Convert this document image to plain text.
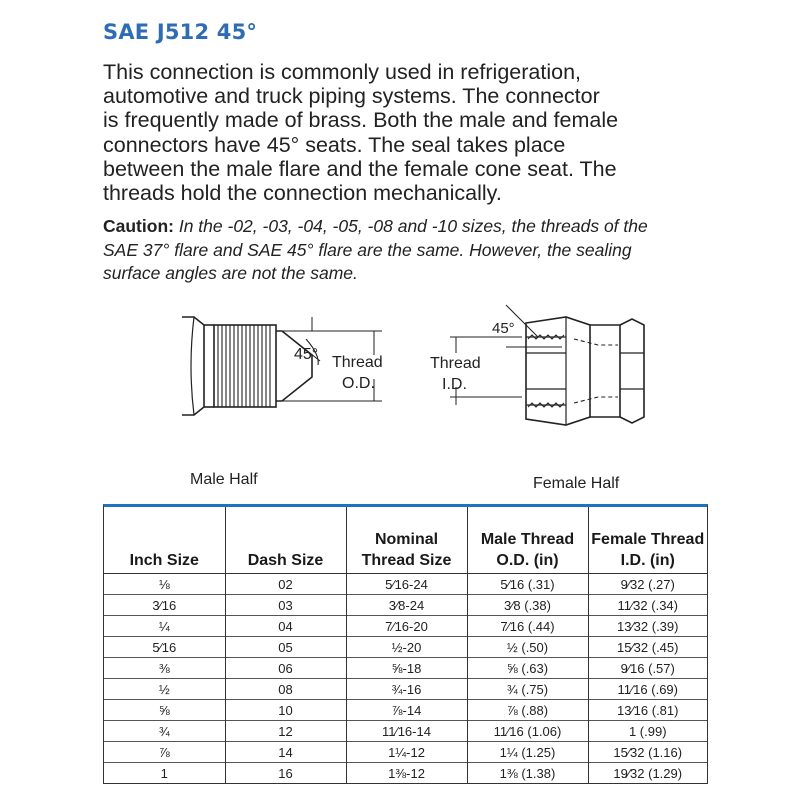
SAE J512 45°
This connection is commonly used in refrigeration,
automotive and truck piping systems. The connector
is frequently made of brass. Both the male and female
connectors have 45° seats. The seal takes place
between the male flare and the female cone seat. The
threads hold the connection mechanically.
Caution: In the -02, -03, -04, -05, -08 and -10 sizes, the threads of the
SAE 37° flare and SAE 45° flare are the same. However, the sealing
surface angles are not the same.
45° Thread
O.D.
45°
Thread
I.D.
Male Half	Female Half
Inch Size	Dash Size	Nominal Thread Size	Male Thread O.D. (in)	Female Thread I.D. (in)
⅛	02	5⁄16-24	5⁄16 (.31)	9⁄32 (.27)
3⁄16	03	3⁄8-24	3⁄8 (.38)	11⁄32 (.34)
¼	04	7⁄16-20	7⁄16 (.44)	13⁄32 (.39)
5⁄16	05	½-20	½ (.50)	15⁄32 (.45)
⅜	06	⅝-18	⅝ (.63)	9⁄16 (.57)
½	08	¾-16	¾ (.75)	11⁄16 (.69)
⅝	10	⅞-14	⅞ (.88)	13⁄16 (.81)
¾	12	11⁄16-14	11⁄16 (1.06)	1 (.99)
⅞	14	1¼-12	1¼ (1.25)	15⁄32 (1.16)
1	16	1⅜-12	1⅜ (1.38)	19⁄32 (1.29)
